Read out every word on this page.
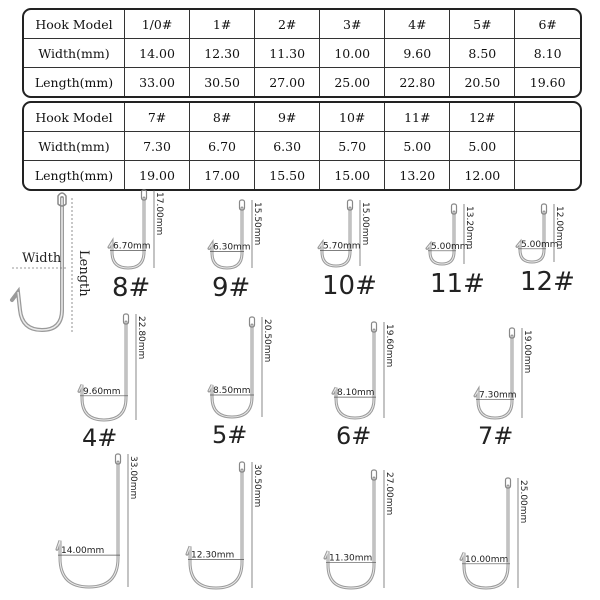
Hook Model	1/0#	1#	2#	3#	4#	5#	6#
Width(mm)	14.00	12.30	11.30	10.00	9.60	8.50	8.10
Length(mm)	33.00	30.50	27.00	25.00	22.80	20.50	19.60
Hook Model	7#	8#	9#	10#	11#	12#	
Width(mm)	7.30	6.70	6.30	5.70	5.00	5.00	
Length(mm)	19.00	17.00	15.50	15.00	13.20	12.00	
Width Length
6.70mm
17.00mm
8#
6.30mm
15.50mm
9#
5.70mm
15.00mm
10#
5.00mm
13.20mm
11#
5.00mm
12.00mm
12#
9.60mm
22.80mm
4#
8.50mm
20.50mm
5#
8.10mm
19.60mm
6#
7.30mm
19.00mm
7#
14.00mm
33.00mm
12.30mm
30.50mm
11.30mm
27.00mm
10.00mm
25.00mm
